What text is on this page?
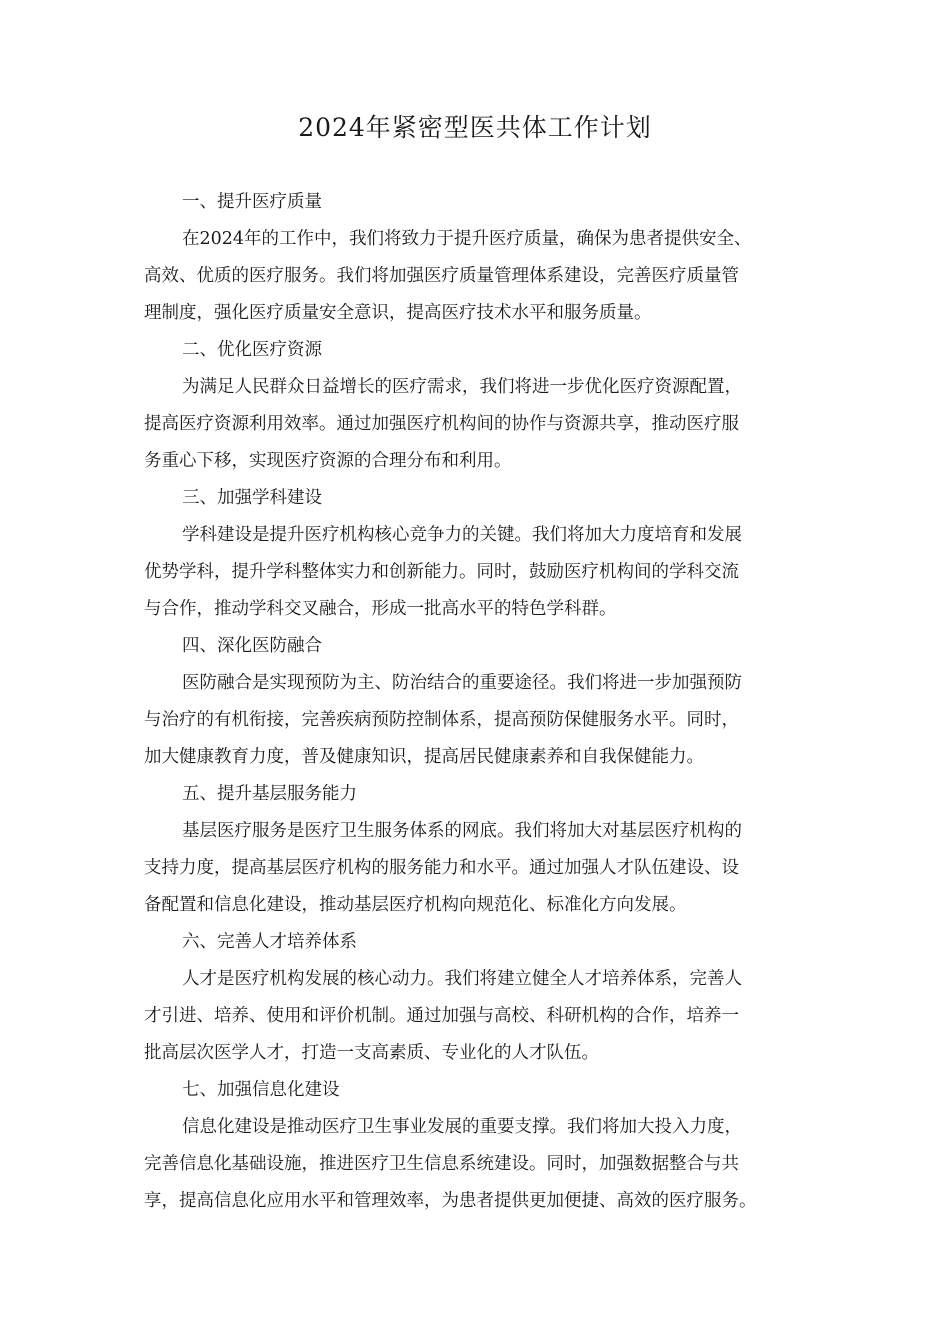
2024年紧密型医共体工作计划

一、提升医疗质量

在2024年的工作中，我们将致力于提升医疗质量，确保为患者提供安全、
高效、优质的医疗服务。我们将加强医疗质量管理体系建设，完善医疗质量管
理制度，强化医疗质量安全意识，提高医疗技术水平和服务质量。

二、优化医疗资源

为满足人民群众日益增长的医疗需求，我们将进一步优化医疗资源配置，
提高医疗资源利用效率。通过加强医疗机构间的协作与资源共享，推动医疗服
务重心下移，实现医疗资源的合理分布和利用。

三、加强学科建设

学科建设是提升医疗机构核心竞争力的关键。我们将加大力度培育和发展
优势学科，提升学科整体实力和创新能力。同时，鼓励医疗机构间的学科交流
与合作，推动学科交叉融合，形成一批高水平的特色学科群。

四、深化医防融合

医防融合是实现预防为主、防治结合的重要途径。我们将进一步加强预防
与治疗的有机衔接，完善疾病预防控制体系，提高预防保健服务水平。同时，
加大健康教育力度，普及健康知识，提高居民健康素养和自我保健能力。

五、提升基层服务能力

基层医疗服务是医疗卫生服务体系的网底。我们将加大对基层医疗机构的
支持力度，提高基层医疗机构的服务能力和水平。通过加强人才队伍建设、设
备配置和信息化建设，推动基层医疗机构向规范化、标准化方向发展。

六、完善人才培养体系

人才是医疗机构发展的核心动力。我们将建立健全人才培养体系，完善人
才引进、培养、使用和评价机制。通过加强与高校、科研机构的合作，培养一
批高层次医学人才，打造一支高素质、专业化的人才队伍。

七、加强信息化建设

信息化建设是推动医疗卫生事业发展的重要支撑。我们将加大投入力度，
完善信息化基础设施，推进医疗卫生信息系统建设。同时，加强数据整合与共
享，提高信息化应用水平和管理效率，为患者提供更加便捷、高效的医疗服务。
